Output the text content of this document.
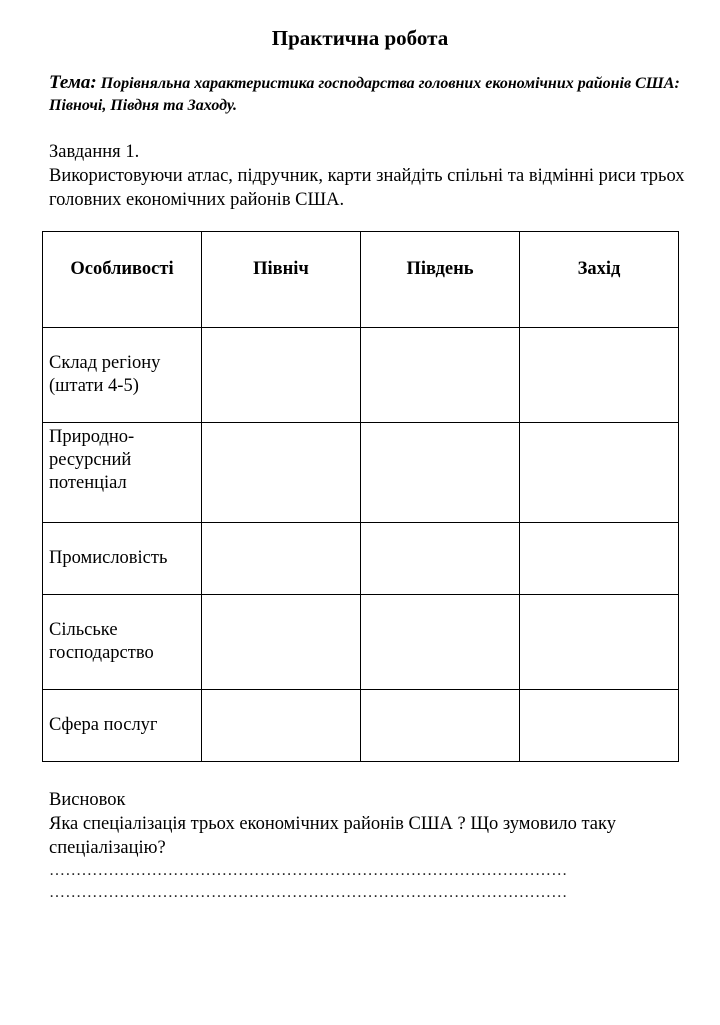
Практична робота
Тема: Порівняльна характеристика господарства головних економічних районів США: Півночі, Півдня та Заходу.
Завдання 1.
Використовуючи атлас, підручник, карти знайдіть спільні та відмінні риси трьох головних економічних районів США.
Особливості	Північ	Південь	Захід
Склад регіону (штати 4-5)			
Природно-ресурсний потенціал			
Промисловість			
Сільське господарство			
Сфера послуг			
Висновок
Яка спеціалізація трьох економічних районів США ? Що зумовило таку спеціалізацію?
……………………………………………………………………………………
……………………………………………………………………………………
